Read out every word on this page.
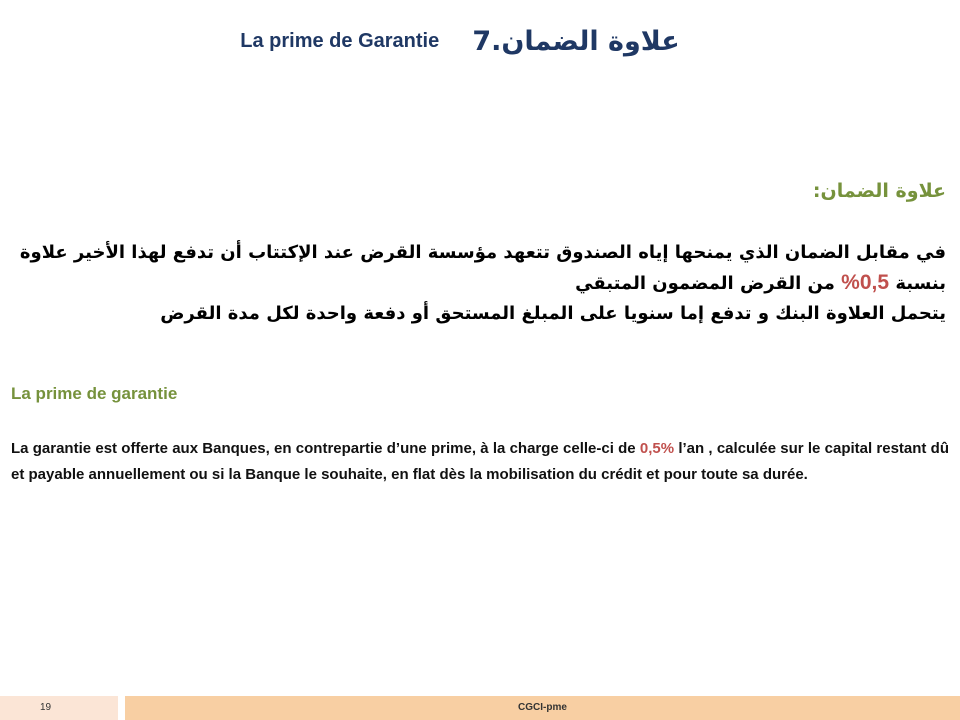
La prime de Garantie 7.علاوة الضمان
علاوة الضمان:

في مقابل الضمان الذي يمنحها إياه الصندوق تتعهد مؤسسة القرض عند الإكتتاب أن تدفع لهذا الأخير علاوة

بنسبة 0,5% من القرض المضمون المتبقي

يتحمل العلاوة البنك و تدفع إما سنويا على المبلغ المستحق أو دفعة واحدة لكل مدة القرض

La prime de garantie
La garantie est offerte aux Banques, en contrepartie d’une prime, à la charge celle-ci de 0,5% l’an , calculée sur le capital restant dû et payable annuellement ou si la Banque le souhaite, en flat dès la mobilisation du crédit et pour toute sa durée.
19	CGCI-pme
